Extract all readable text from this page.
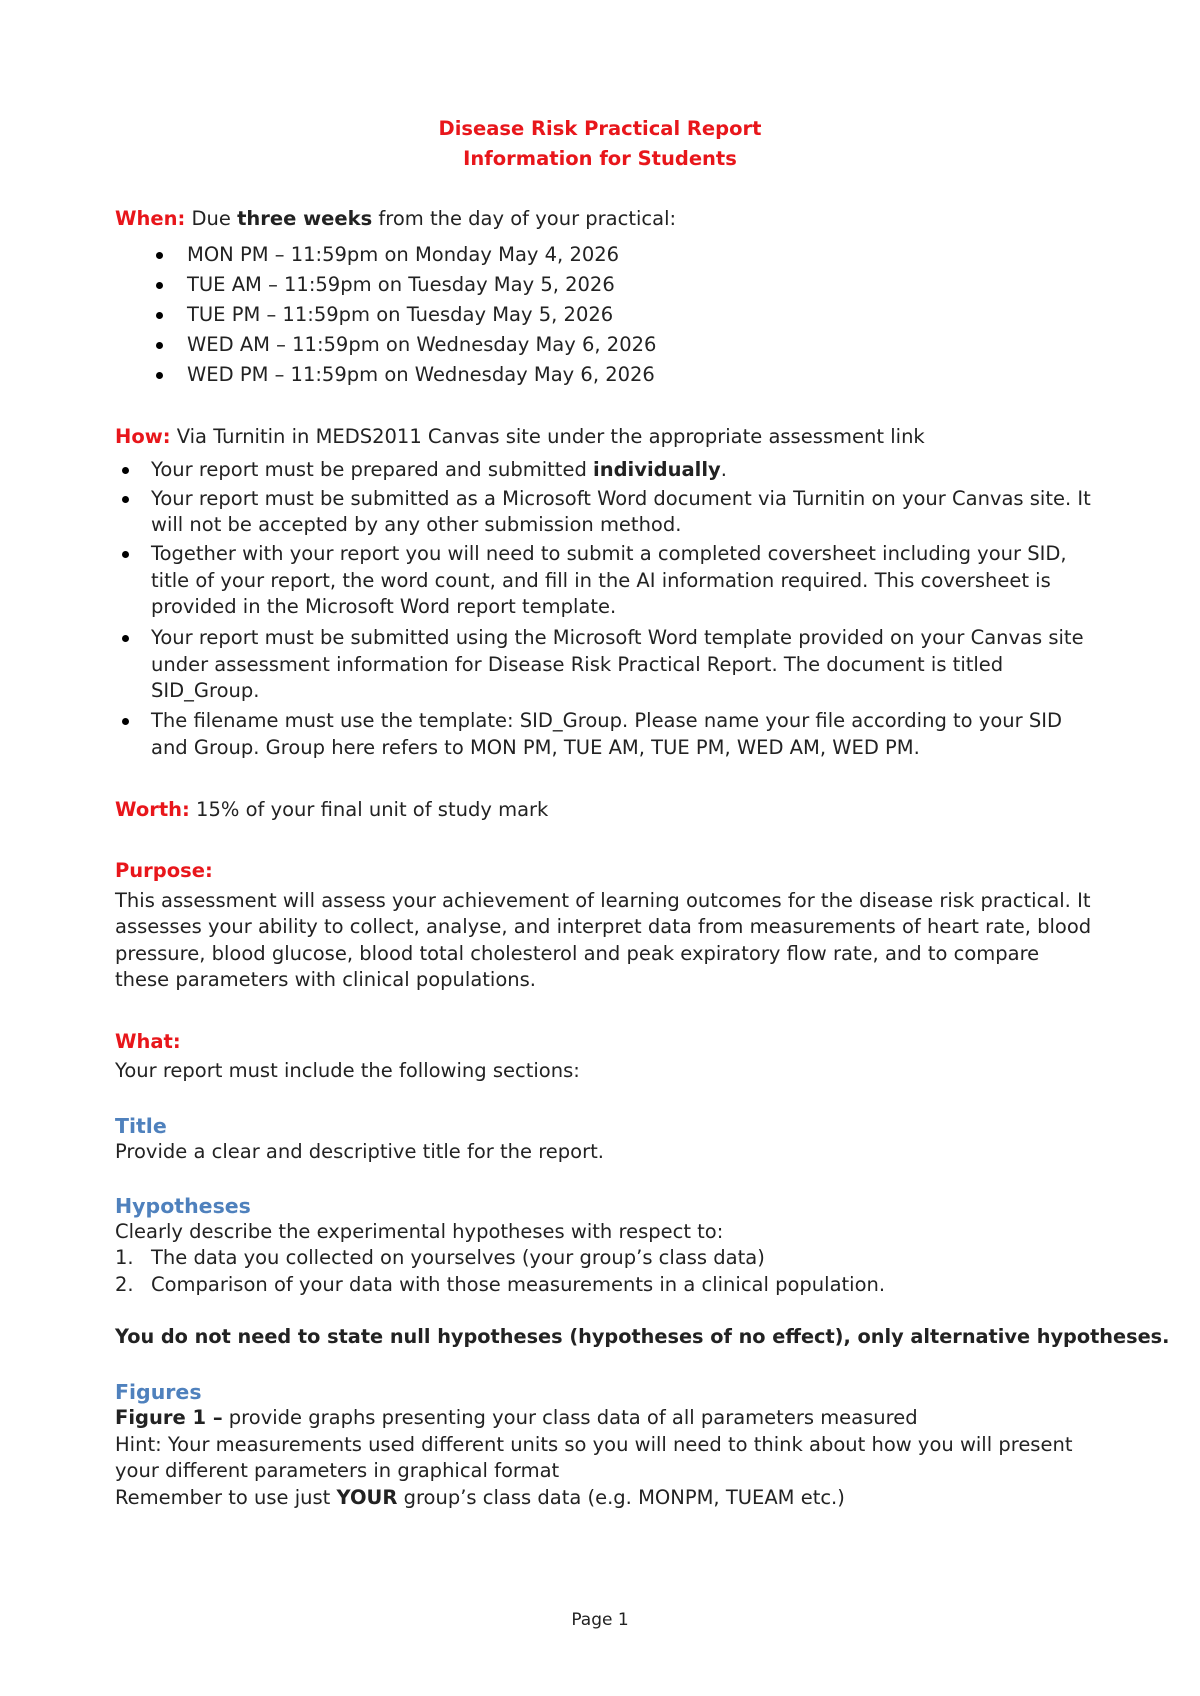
Disease Risk Practical Report
Information for Students
When: Due three weeks from the day of your practical:
MON PM – 11:59pm on Monday May 4, 2026
TUE AM – 11:59pm on Tuesday May 5, 2026
TUE PM – 11:59pm on Tuesday May 5, 2026
WED AM – 11:59pm on Wednesday May 6, 2026
WED PM – 11:59pm on Wednesday May 6, 2026
How: Via Turnitin in MEDS2011 Canvas site under the appropriate assessment link
Your report must be prepared and submitted individually.
Your report must be submitted as a Microsoft Word document via Turnitin on your Canvas site. It
will not be accepted by any other submission method.
Together with your report you will need to submit a completed coversheet including your SID,
title of your report, the word count, and fill in the AI information required. This coversheet is
provided in the Microsoft Word report template.
Your report must be submitted using the Microsoft Word template provided on your Canvas site
under assessment information for Disease Risk Practical Report. The document is titled
SID_Group.
The filename must use the template: SID_Group. Please name your file according to your SID
and Group. Group here refers to MON PM, TUE AM, TUE PM, WED AM, WED PM.
Worth: 15% of your final unit of study mark
Purpose:
This assessment will assess your achievement of learning outcomes for the disease risk practical. It
assesses your ability to collect, analyse, and interpret data from measurements of heart rate, blood
pressure, blood glucose, blood total cholesterol and peak expiratory flow rate, and to compare
these parameters with clinical populations.
What:
Your report must include the following sections:
Title
Provide a clear and descriptive title for the report.
Hypotheses
Clearly describe the experimental hypotheses with respect to:
1. The data you collected on yourselves (your group’s class data)
2. Comparison of your data with those measurements in a clinical population.
You do not need to state null hypotheses (hypotheses of no effect), only alternative hypotheses.
Figures
Figure 1 – provide graphs presenting your class data of all parameters measured
Hint: Your measurements used different units so you will need to think about how you will present
your different parameters in graphical format
Remember to use just YOUR group’s class data (e.g. MONPM, TUEAM etc.)
Page 1
